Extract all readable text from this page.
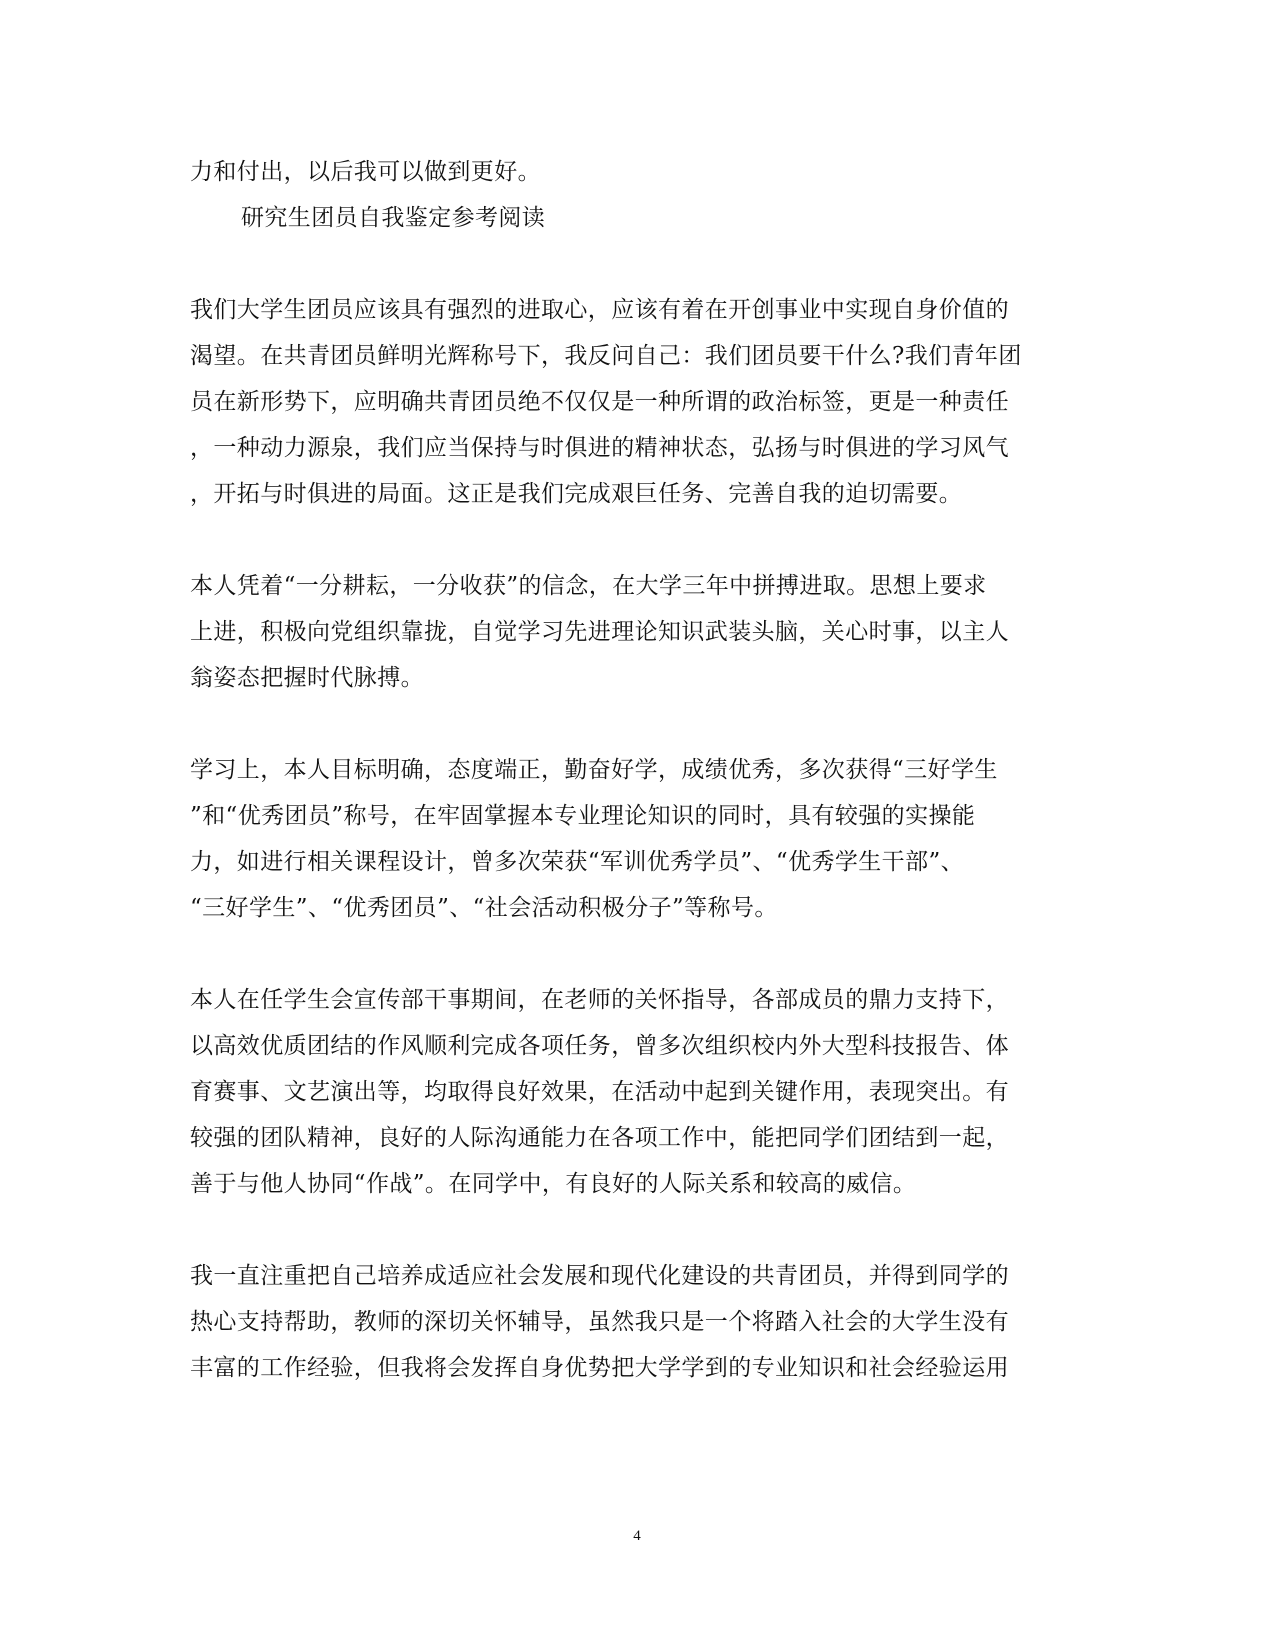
力和付出，以后我可以做到更好。
研究生团员自我鉴定参考阅读
我们大学生团员应该具有强烈的进取心，应该有着在开创事业中实现自身价值的
渴望。在共青团员鲜明光辉称号下，我反问自己：我们团员要干什么?我们青年团
员在新形势下，应明确共青团员绝不仅仅是一种所谓的政治标签，更是一种责任
，一种动力源泉，我们应当保持与时俱进的精神状态，弘扬与时俱进的学习风气
，开拓与时俱进的局面。这正是我们完成艰巨任务、完善自我的迫切需要。
本人凭着“一分耕耘，一分收获”的信念，在大学三年中拼搏进取。思想上要求
上进，积极向党组织靠拢，自觉学习先进理论知识武装头脑，关心时事，以主人
翁姿态把握时代脉搏。
学习上，本人目标明确，态度端正，勤奋好学，成绩优秀，多次获得“三好学生
”和“优秀团员”称号，在牢固掌握本专业理论知识的同时，具有较强的实操能
力，如进行相关课程设计，曾多次荣获“军训优秀学员”、“优秀学生干部”、
“三好学生”、“优秀团员”、“社会活动积极分子”等称号。
本人在任学生会宣传部干事期间，在老师的关怀指导，各部成员的鼎力支持下，
以高效优质团结的作风顺利完成各项任务，曾多次组织校内外大型科技报告、体
育赛事、文艺演出等，均取得良好效果，在活动中起到关键作用，表现突出。有
较强的团队精神，良好的人际沟通能力在各项工作中，能把同学们团结到一起，
善于与他人协同“作战”。在同学中，有良好的人际关系和较高的威信。
我一直注重把自己培养成适应社会发展和现代化建设的共青团员，并得到同学的
热心支持帮助，教师的深切关怀辅导，虽然我只是一个将踏入社会的大学生没有
丰富的工作经验，但我将会发挥自身优势把大学学到的专业知识和社会经验运用
4
